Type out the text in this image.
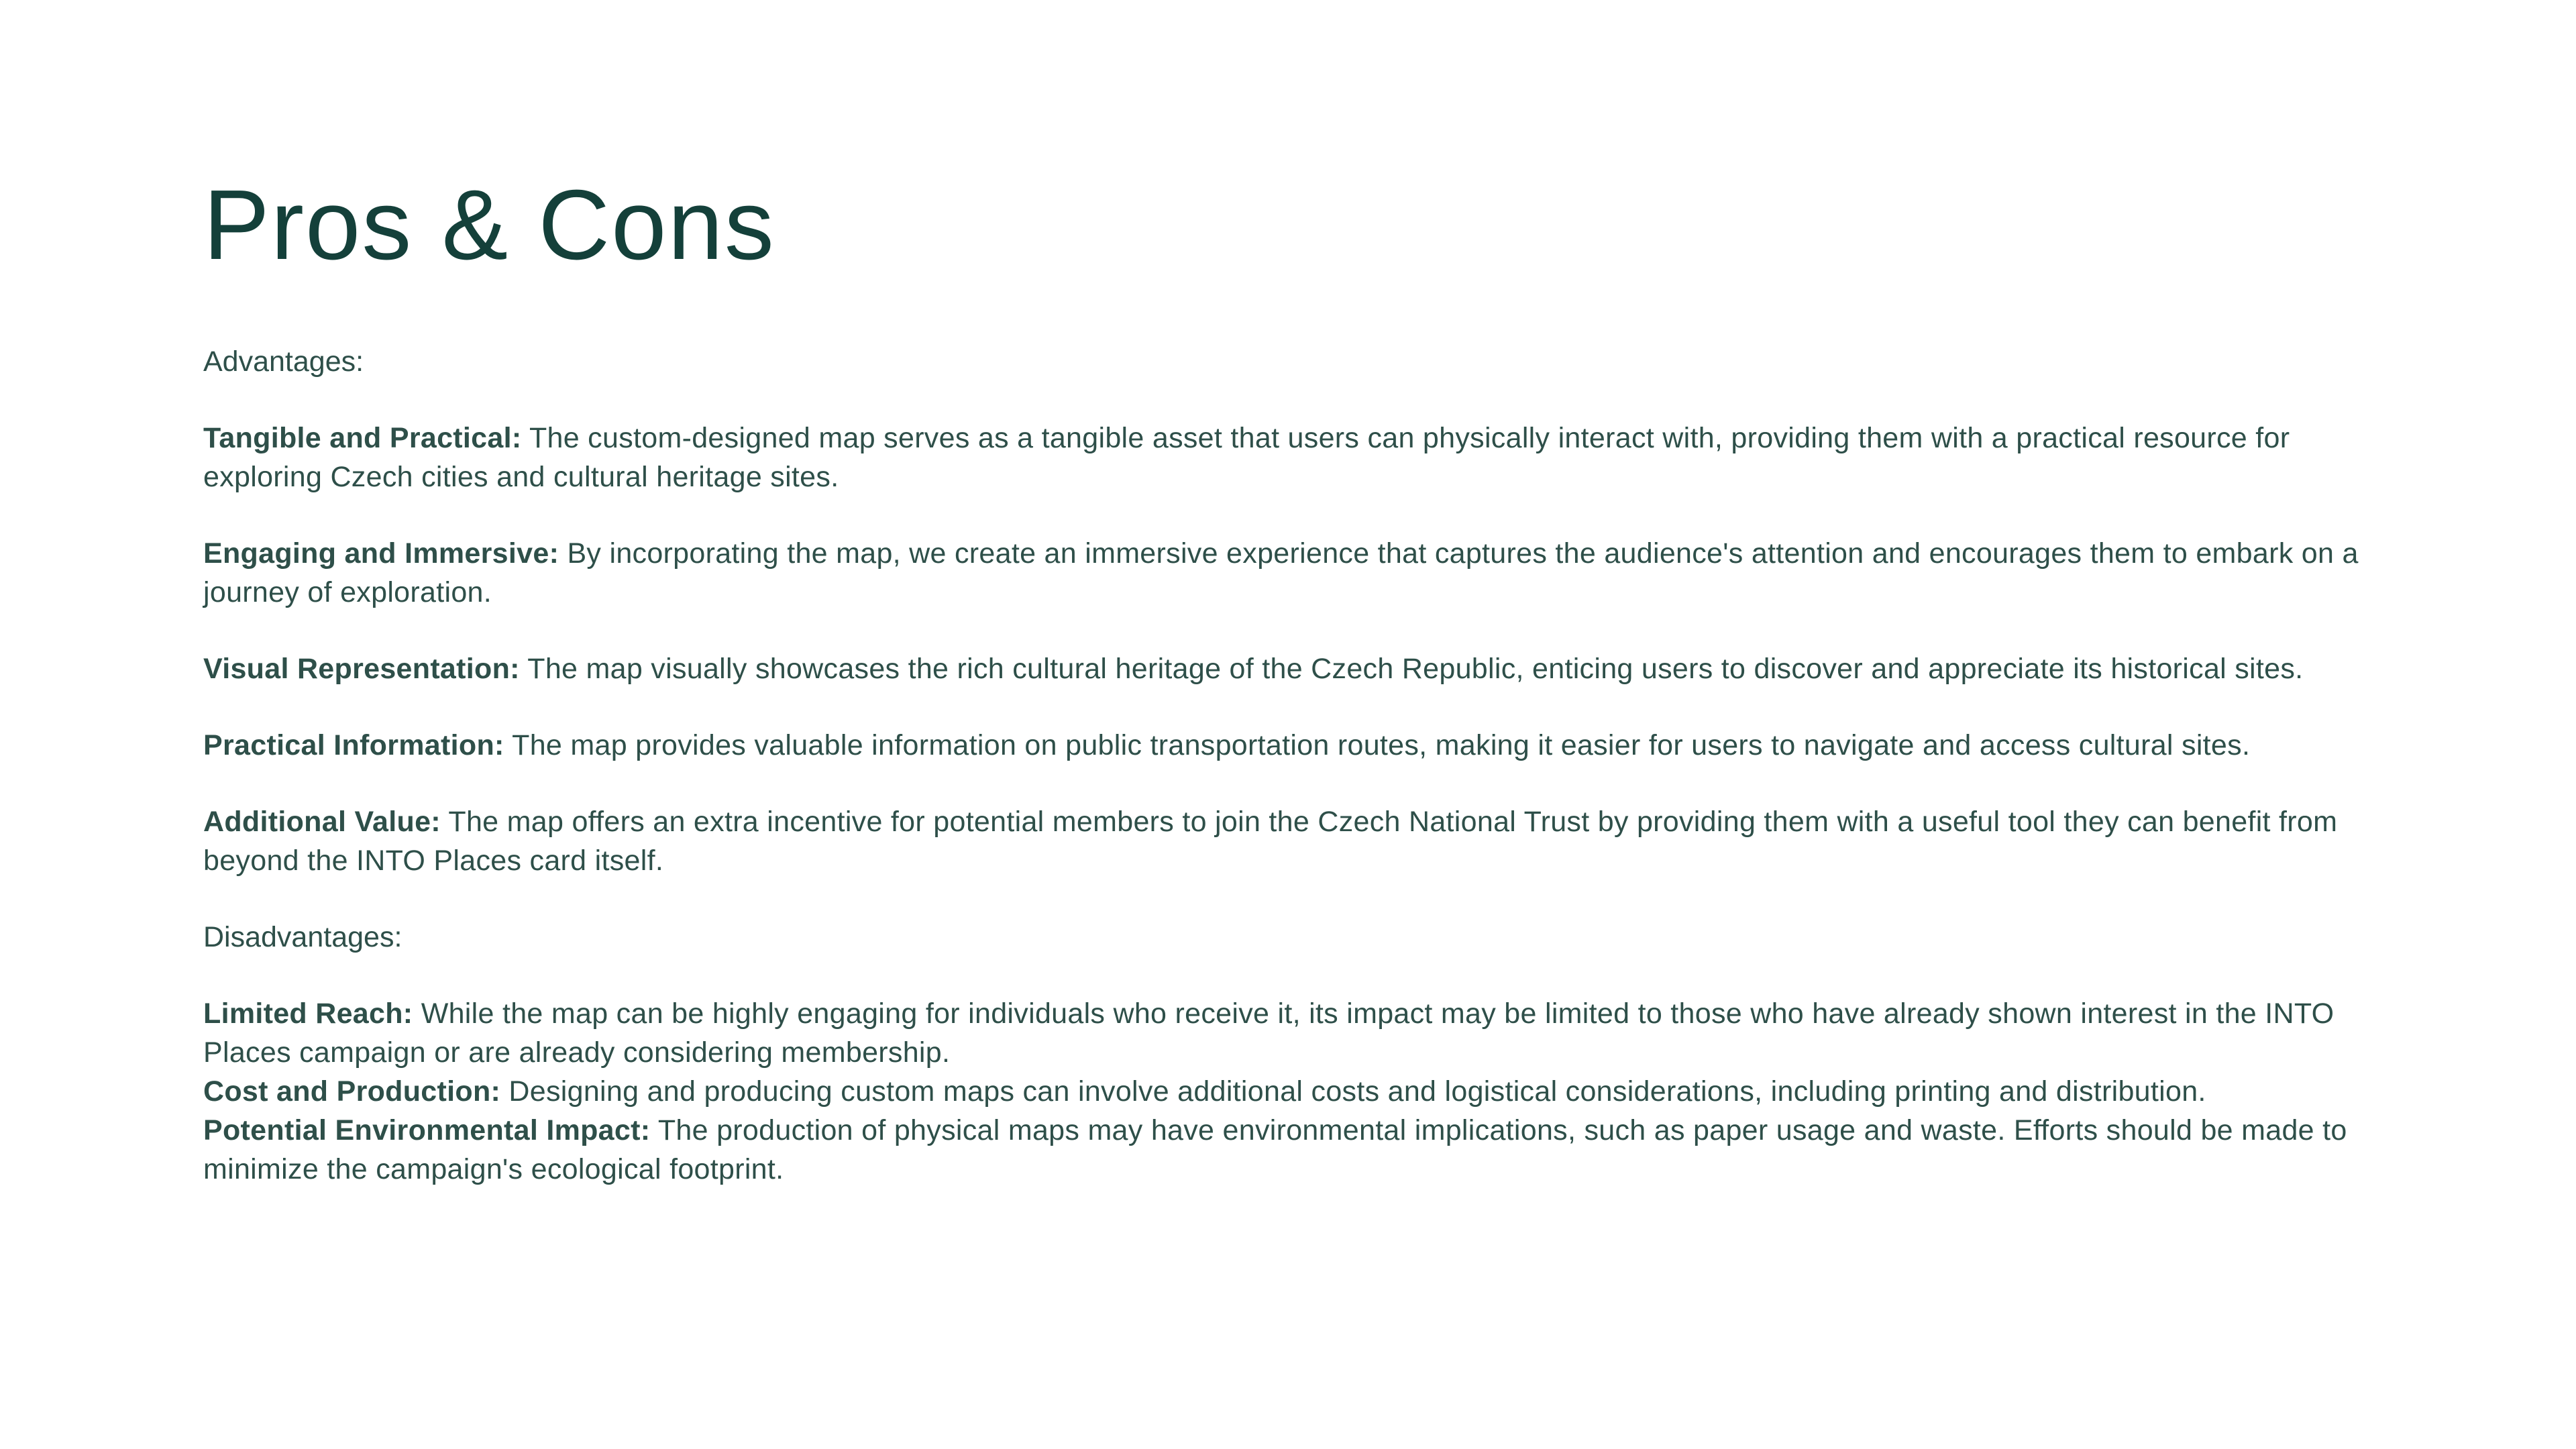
Pros & Cons

Advantages:

Tangible and Practical: The custom-designed map serves as a tangible asset that users can physically interact with, providing them with a practical resource for exploring Czech cities and cultural heritage sites.

Engaging and Immersive: By incorporating the map, we create an immersive experience that captures the audience's attention and encourages them to embark on a journey of exploration.

Visual Representation: The map visually showcases the rich cultural heritage of the Czech Republic, enticing users to discover and appreciate its historical sites.

Practical Information: The map provides valuable information on public transportation routes, making it easier for users to navigate and access cultural sites.

Additional Value: The map offers an extra incentive for potential members to join the Czech National Trust by providing them with a useful tool they can benefit from beyond the INTO Places card itself.

Disadvantages:

Limited Reach: While the map can be highly engaging for individuals who receive it, its impact may be limited to those who have already shown interest in the INTO Places campaign or are already considering membership.

Cost and Production: Designing and producing custom maps can involve additional costs and logistical considerations, including printing and distribution.

Potential Environmental Impact: The production of physical maps may have environmental implications, such as paper usage and waste. Efforts should be made to minimize the campaign's ecological footprint.
